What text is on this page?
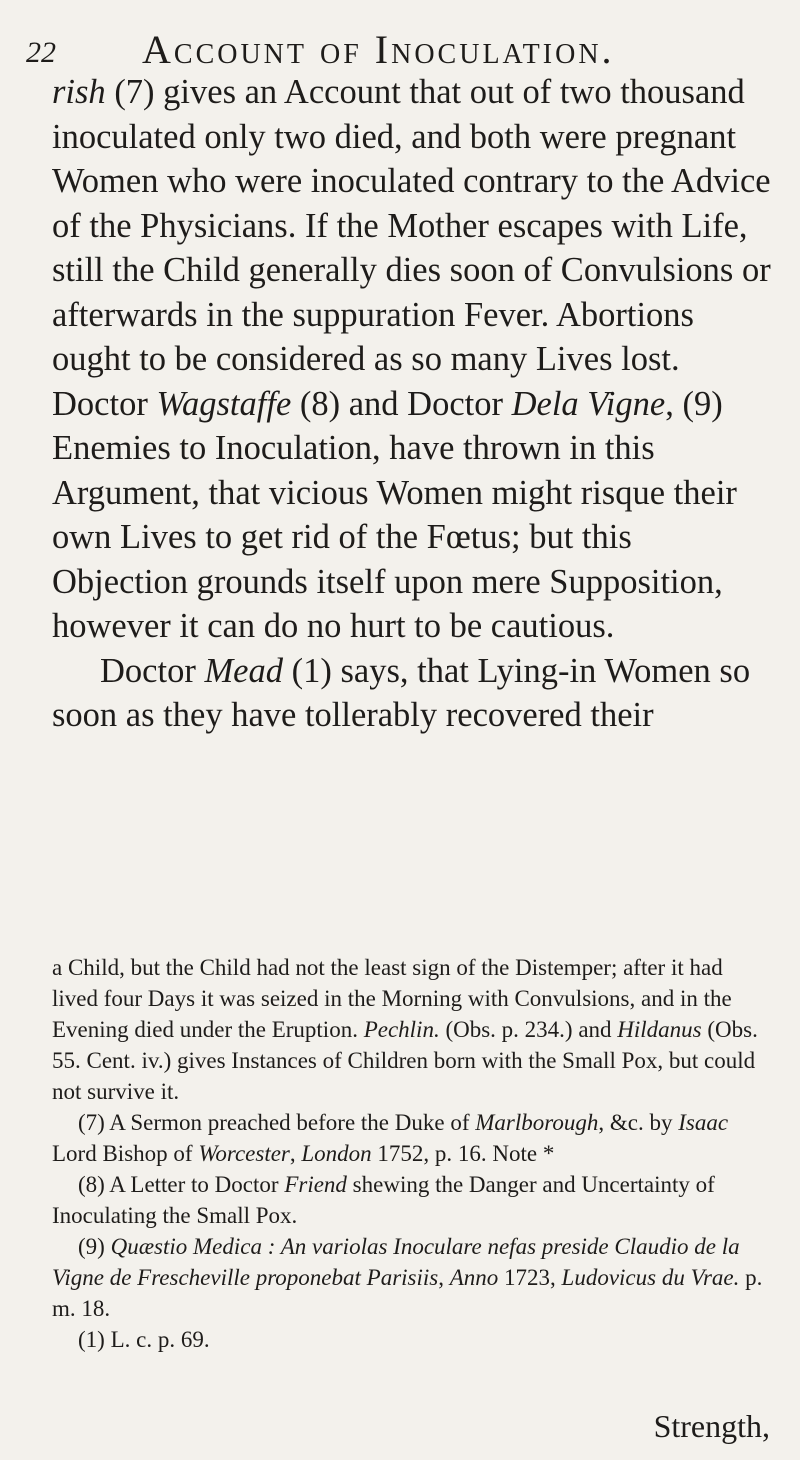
22 Account of Inoculation.

rish (7) gives an Account that out of two thousand inoculated only two died, and both were pregnant Women who were inoculated contrary to the Advice of the Physicians. If the Mother escapes with Life, still the Child generally dies soon of Convulsions or afterwards in the suppuration Fever. Abortions ought to be considered as so many Lives lost. Doctor Wagstaffe (8) and Doctor Dela Vigne, (9) Enemies to Inoculation, have thrown in this Argument, that vicious Women might risque their own Lives to get rid of the Fœtus; but this Objection grounds itself upon mere Supposition, however it can do no hurt to be cautious.

Doctor Mead (1) says, that Lying-in Women so soon as they have tollerably recovered their

a Child, but the Child had not the least sign of the Distemper; after it had lived four Days it was seized in the Morning with Convulsions, and in the Evening died under the Eruption. Pechlin. (Obs. p. 234.) and Hildanus (Obs. 55. Cent. iv.) gives Instances of Children born with the Small Pox, but could not survive it.

(7) A Sermon preached before the Duke of Marlborough, &c. by Isaac Lord Bishop of Worcester, London 1752, p. 16. Note *

(8) A Letter to Doctor Friend shewing the Danger and Uncertainty of Inoculating the Small Pox.

(9) Quæstio Medica : An variolas Inoculare nefas preside Claudio de la Vigne de Frescheville proponebat Parisiis, Anno 1723, Ludovicus du Vrae. p. m. 18.

(1) L. c. p. 69.

Strength,
